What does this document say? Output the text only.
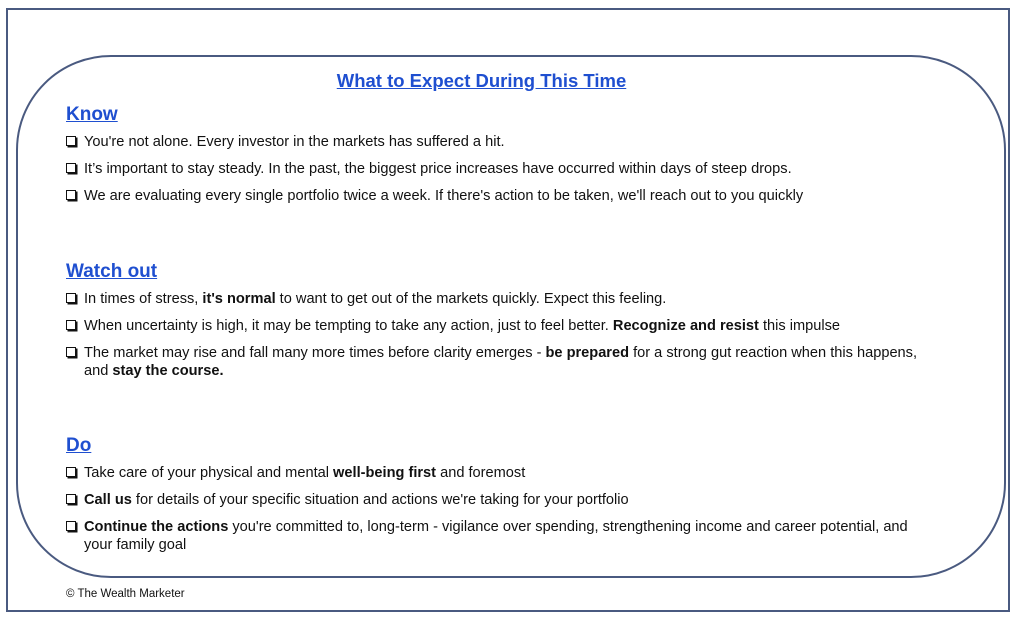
What to Expect During This Time
Know
You're not alone. Every investor in the markets has suffered a hit.
It’s important to stay steady. In the past, the biggest price increases have occurred within days of steep drops.
We are evaluating every single portfolio twice a week. If there's action to be taken, we'll reach out to you quickly
Watch out
In times of stress, it's normal to want to get out of the markets quickly. Expect this feeling.
When uncertainty is high, it may be tempting to take any action, just to feel better. Recognize and resist this impulse
The market may rise and fall many more times before clarity emerges - be prepared for a strong gut reaction when this happens, and stay the course.
Do
Take care of your physical and mental well-being first and foremost
Call us for details of your specific situation and actions we're taking for your portfolio
Continue the actions you're committed to, long-term - vigilance over spending, strengthening income and career potential, and your family goal
© The Wealth Marketer
